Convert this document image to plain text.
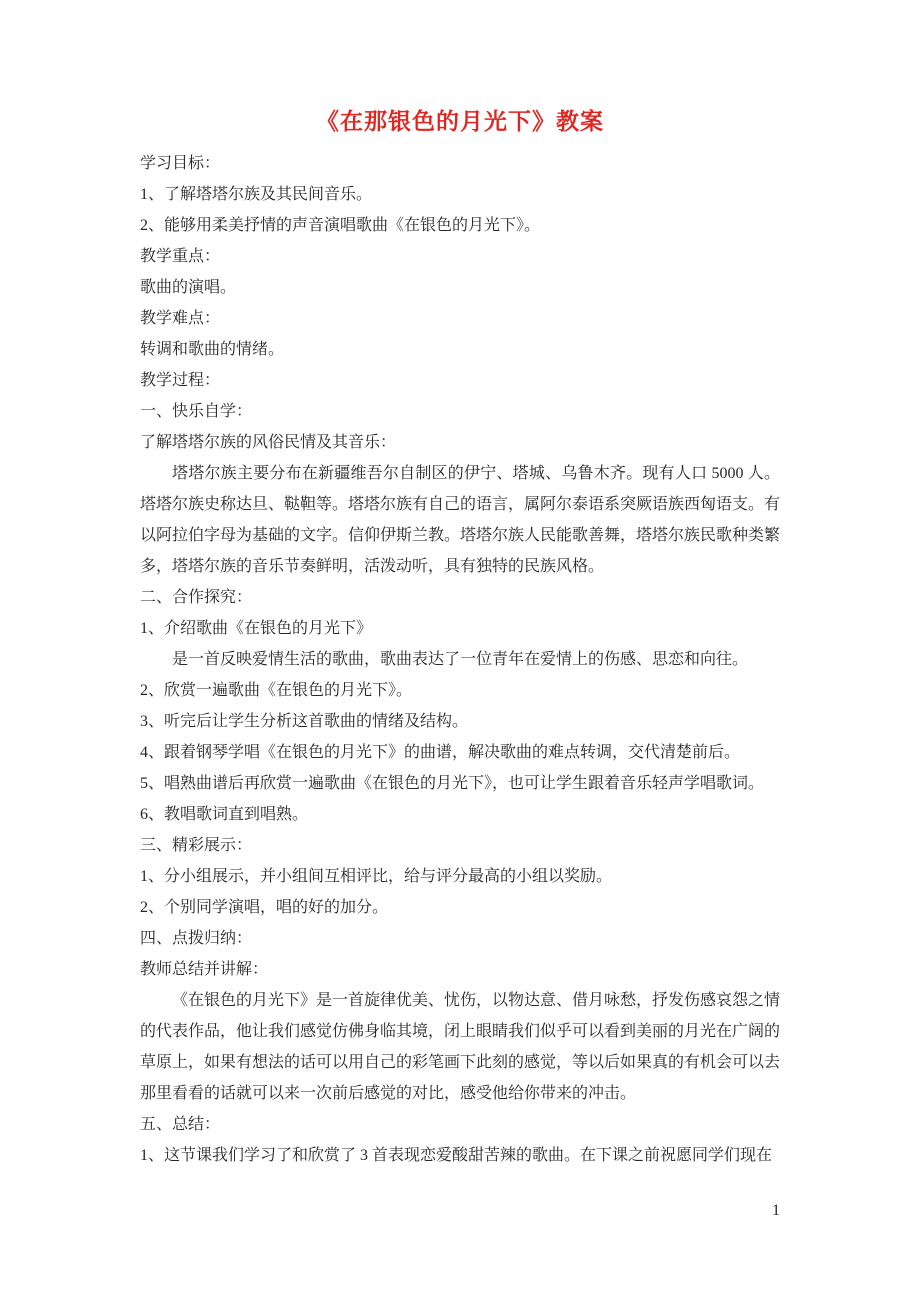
《在那银色的月光下》教案

学习目标：

1、了解塔塔尔族及其民间音乐。

2、能够用柔美抒情的声音演唱歌曲《在银色的月光下》。

教学重点：

歌曲的演唱。

教学难点：

转调和歌曲的情绪。

教学过程：

一、快乐自学：

了解塔塔尔族的风俗民情及其音乐：

塔塔尔族主要分布在新疆维吾尔自制区的伊宁、塔城、乌鲁木齐。现有人口 5000 人。塔塔尔族史称达旦、鞑靼等。塔塔尔族有自己的语言，属阿尔泰语系突厥语族西匈语支。有以阿拉伯字母为基础的文字。信仰伊斯兰教。塔塔尔族人民能歌善舞，塔塔尔族民歌种类繁多，塔塔尔族的音乐节奏鲜明，活泼动听，具有独特的民族风格。

二、合作探究：

1、介绍歌曲《在银色的月光下》

是一首反映爱情生活的歌曲，歌曲表达了一位青年在爱情上的伤感、思恋和向往。

2、欣赏一遍歌曲《在银色的月光下》。

3、听完后让学生分析这首歌曲的情绪及结构。

4、跟着钢琴学唱《在银色的月光下》的曲谱，解决歌曲的难点转调，交代清楚前后。

5、唱熟曲谱后再欣赏一遍歌曲《在银色的月光下》，也可让学生跟着音乐轻声学唱歌词。

6、教唱歌词直到唱熟。

三、精彩展示：

1、分小组展示，并小组间互相评比，给与评分最高的小组以奖励。

2、个别同学演唱，唱的好的加分。

四、点拨归纳：

教师总结并讲解：

《在银色的月光下》是一首旋律优美、忧伤，以物达意、借月咏愁，抒发伤感哀怨之情的代表作品，他让我们感觉仿佛身临其境，闭上眼睛我们似乎可以看到美丽的月光在广阔的草原上，如果有想法的话可以用自己的彩笔画下此刻的感觉，等以后如果真的有机会可以去那里看看的话就可以来一次前后感觉的对比，感受他给你带来的冲击。

五、总结：

1、这节课我们学习了和欣赏了 3 首表现恋爱酸甜苦辣的歌曲。在下课之前祝愿同学们现在

1
